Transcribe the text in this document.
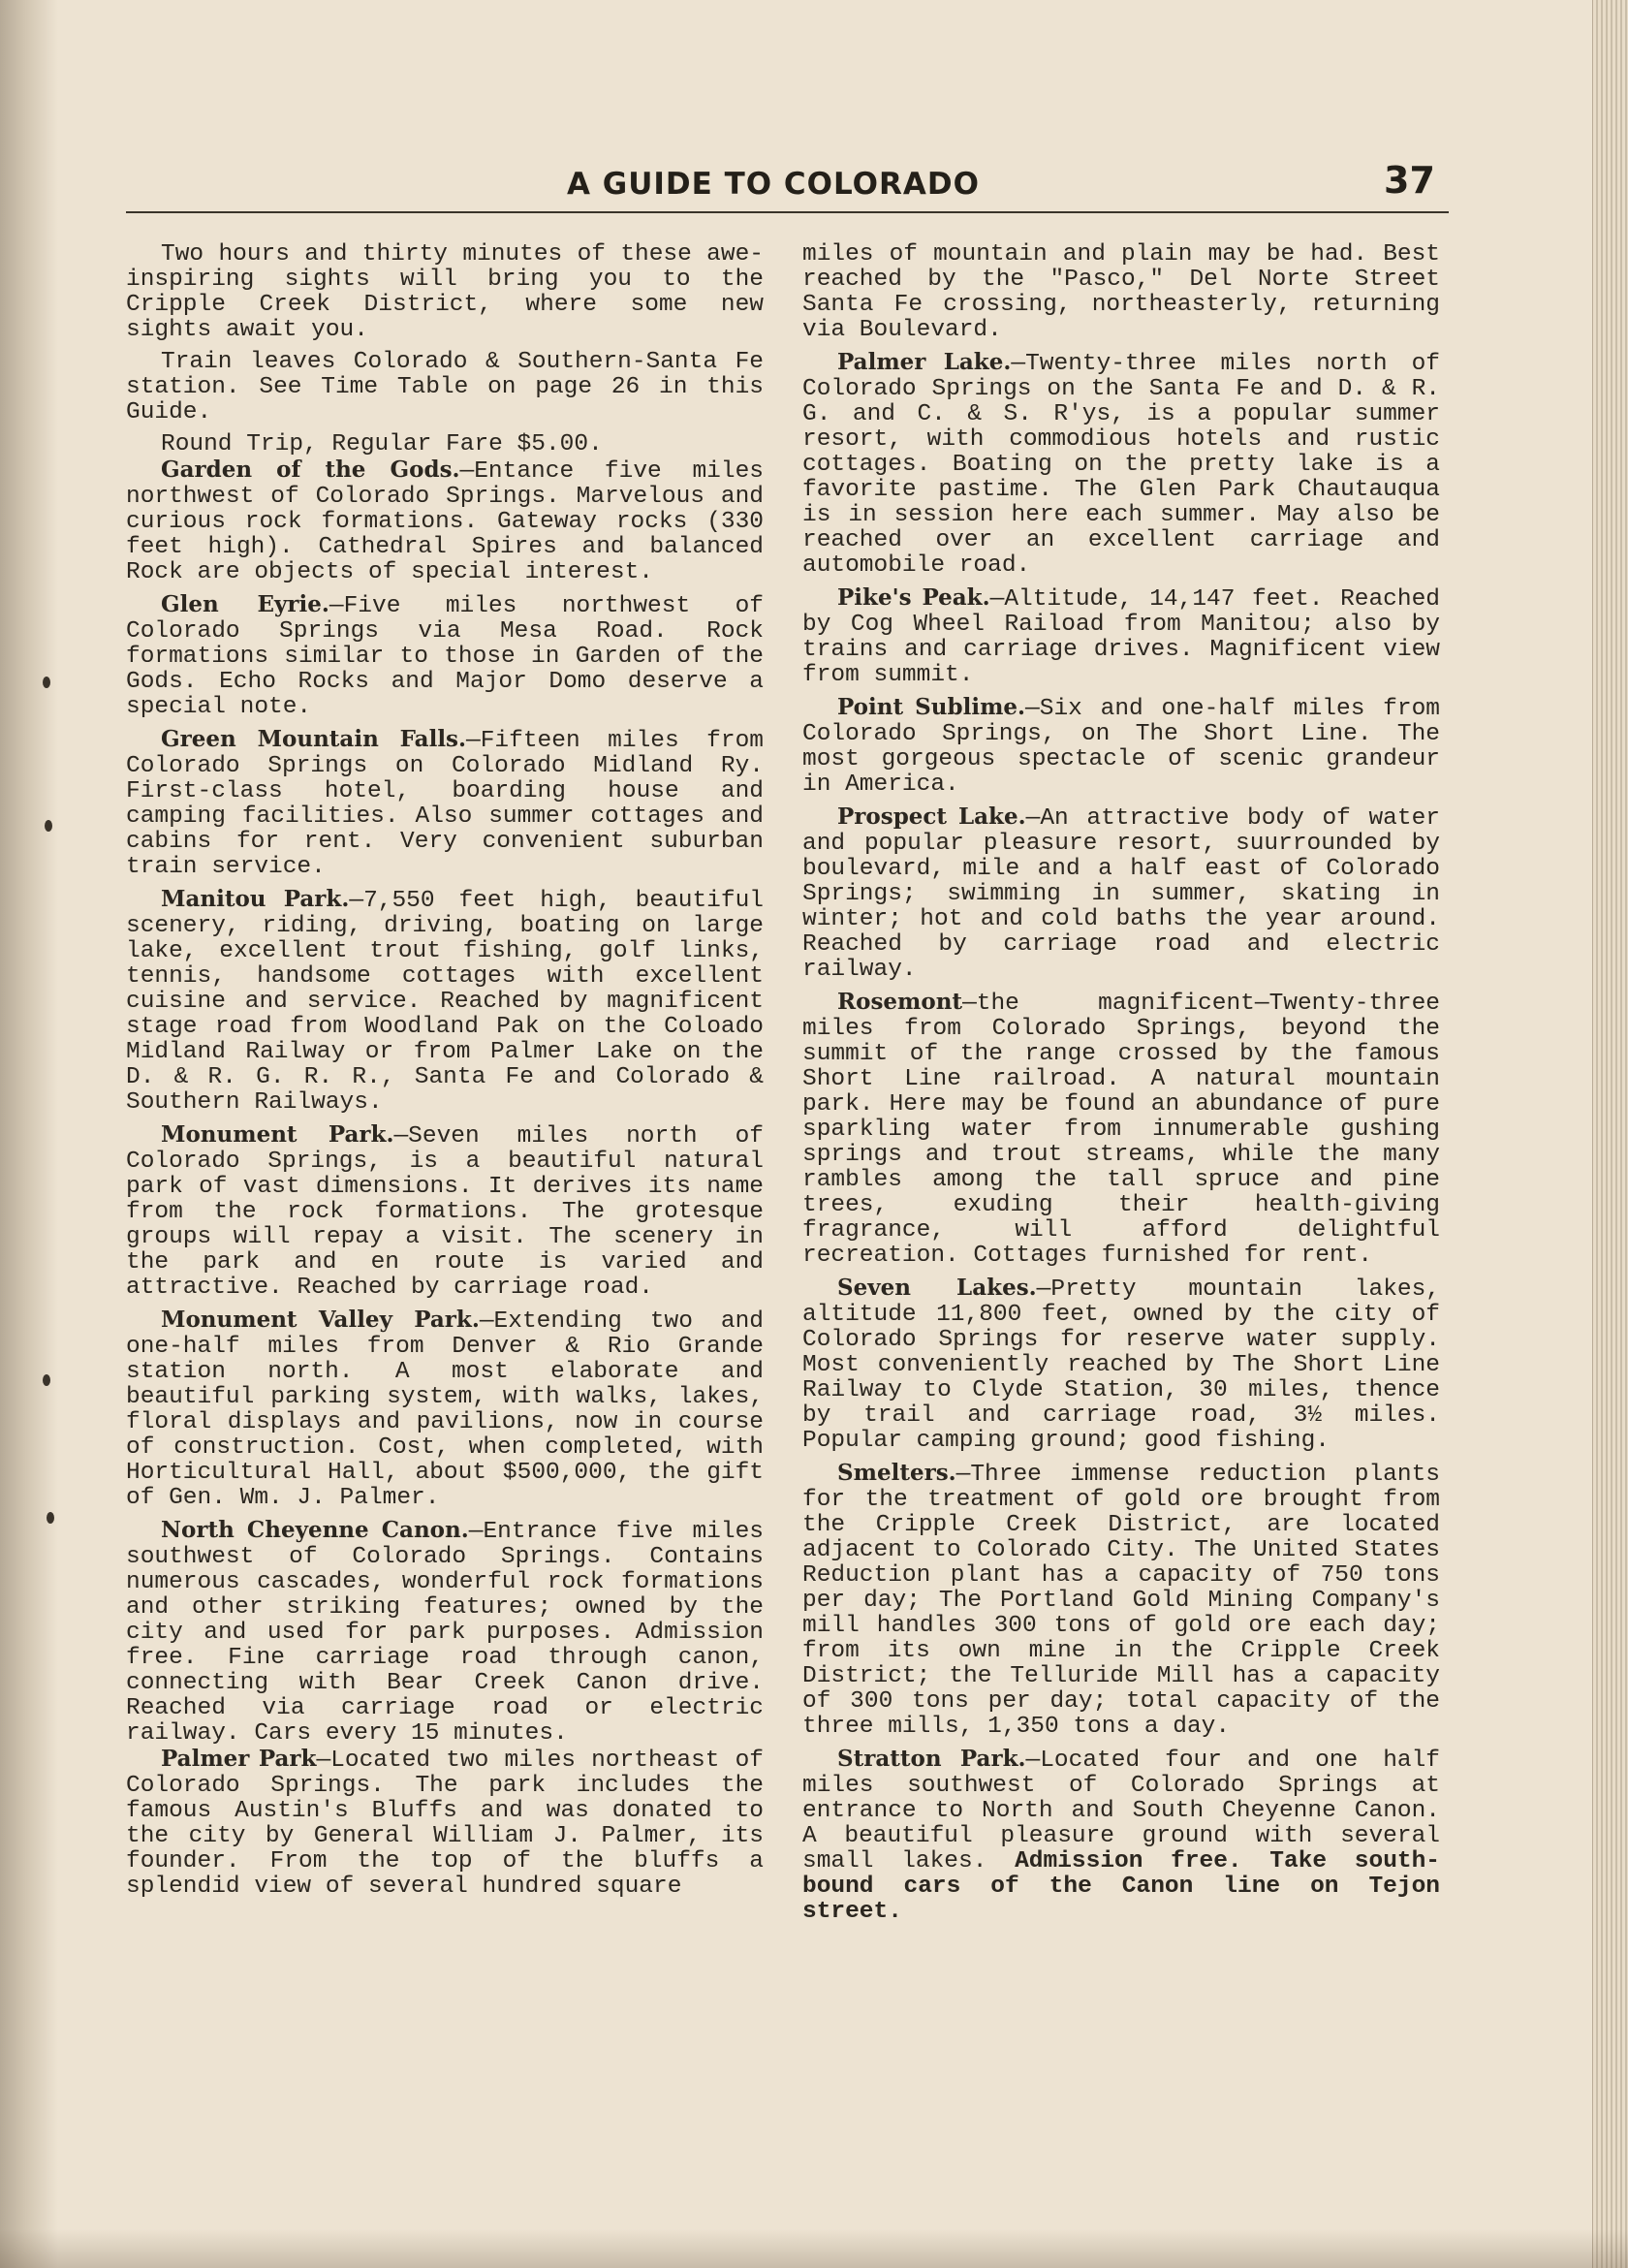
A GUIDE TO COLORADO	37

Two hours and thirty minutes of these awe-inspiring sights will bring you to the Cripple Creek District, where some new sights await you.

Train leaves Colorado & Southern-Santa Fe station. See Time Table on page 26 in this Guide.

Round Trip, Regular Fare $5.00.

Garden of the Gods.—Entance five miles northwest of Colorado Springs. Marvelous and curious rock formations. Gateway rocks (330 feet high). Cathedral Spires and balanced Rock are objects of special interest.

Glen Eyrie.—Five miles northwest of Colorado Springs via Mesa Road. Rock formations similar to those in Garden of the Gods. Echo Rocks and Major Domo deserve a special note.

Green Mountain Falls.—Fifteen miles from Colorado Springs on Colorado Midland Ry. First-class hotel, boarding house and camping facilities. Also summer cottages and cabins for rent. Very convenient suburban train service.

Manitou Park.—7,550 feet high, beautiful scenery, riding, driving, boating on large lake, excellent trout fishing, golf links, tennis, handsome cottages with excellent cuisine and service. Reached by magnificent stage road from Woodland Pak on the Coloado Midland Railway or from Palmer Lake on the D. & R. G. R. R., Santa Fe and Colorado & Southern Railways.

Monument Park.—Seven miles north of Colorado Springs, is a beautiful natural park of vast dimensions. It derives its name from the rock formations. The grotesque groups will repay a visit. The scenery in the park and en route is varied and attractive. Reached by carriage road.

Monument Valley Park.—Extending two and one-half miles from Denver & Rio Grande station north. A most elaborate and beautiful parking system, with walks, lakes, floral displays and pavilions, now in course of construction. Cost, when completed, with Horticultural Hall, about $500,000, the gift of Gen. Wm. J. Palmer.

North Cheyenne Canon.—Entrance five miles southwest of Colorado Springs. Contains numerous cascades, wonderful rock formations and other striking features; owned by the city and used for park purposes. Admission free. Fine carriage road through canon, connecting with Bear Creek Canon drive. Reached via carriage road or electric railway. Cars every 15 minutes.

Palmer Park—Located two miles northeast of Colorado Springs. The park includes the famous Austin's Bluffs and was donated to the city by General William J. Palmer, its founder. From the top of the bluffs a splendid view of several hundred square

miles of mountain and plain may be had. Best reached by the "Pasco," Del Norte Street Santa Fe crossing, northeasterly, returning via Boulevard.

Palmer Lake.—Twenty-three miles north of Colorado Springs on the Santa Fe and D. & R. G. and C. & S. R'ys, is a popular summer resort, with commodious hotels and rustic cottages. Boating on the pretty lake is a favorite pastime. The Glen Park Chautauqua is in session here each summer. May also be reached over an excellent carriage and automobile road.

Pike's Peak.—Altitude, 14,147 feet. Reached by Cog Wheel Raiload from Manitou; also by trains and carriage drives. Magnificent view from summit.

Point Sublime.—Six and one-half miles from Colorado Springs, on The Short Line. The most gorgeous spectacle of scenic grandeur in America.

Prospect Lake.—An attractive body of water and popular pleasure resort, suurrounded by boulevard, mile and a half east of Colorado Springs; swimming in summer, skating in winter; hot and cold baths the year around. Reached by carriage road and electric railway.

Rosemont—the magnificent—Twenty-three miles from Colorado Springs, beyond the summit of the range crossed by the famous Short Line railroad. A natural mountain park. Here may be found an abundance of pure sparkling water from innumerable gushing springs and trout streams, while the many rambles among the tall spruce and pine trees, exuding their health-giving fragrance, will afford delightful recreation. Cottages furnished for rent.

Seven Lakes.—Pretty mountain lakes, altitude 11,800 feet, owned by the city of Colorado Springs for reserve water supply. Most conveniently reached by The Short Line Railway to Clyde Station, 30 miles, thence by trail and carriage road, 3½ miles. Popular camping ground; good fishing.

Smelters.—Three immense reduction plants for the treatment of gold ore brought from the Cripple Creek District, are located adjacent to Colorado City. The United States Reduction plant has a capacity of 750 tons per day; The Portland Gold Mining Company's mill handles 300 tons of gold ore each day; from its own mine in the Cripple Creek District; the Telluride Mill has a capacity of 300 tons per day; total capacity of the three mills, 1,350 tons a day.

Stratton Park.—Located four and one half miles southwest of Colorado Springs at entrance to North and South Cheyenne Canon. A beautiful pleasure ground with several small lakes. Admission free. Take south-bound cars of the Canon line on Tejon street.
